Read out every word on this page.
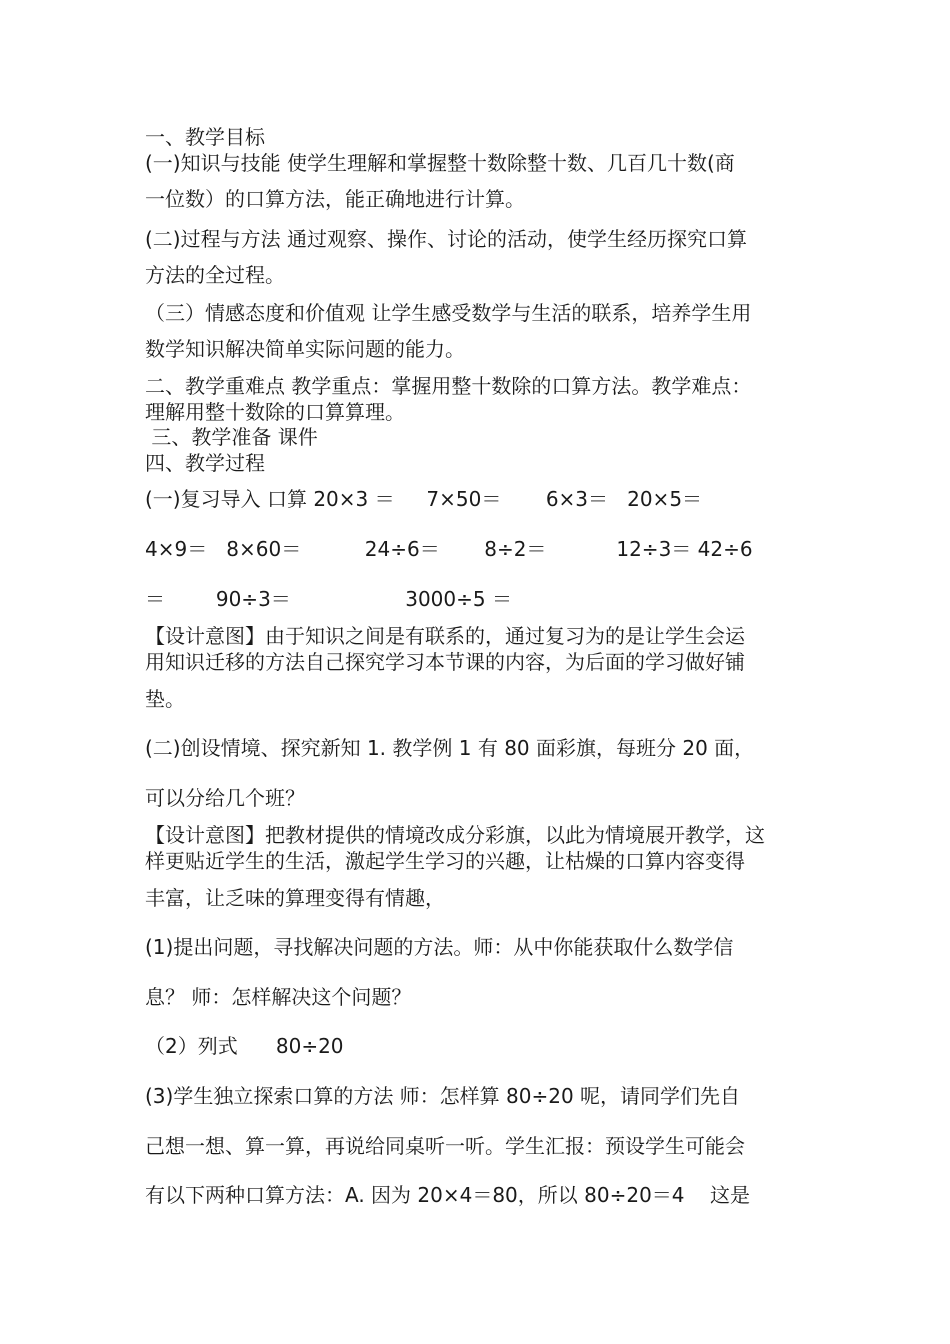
一、教学目标
(一)知识与技能 使学生理解和掌握整十数除整十数、几百几十数(商
一位数）的口算方法，能正确地进行计算。
(二)过程与方法 通过观察、操作、讨论的活动，使学生经历探究口算
方法的全过程。
（三）情感态度和价值观 让学生感受数学与生活的联系，培养学生用
数学知识解决简单实际问题的能力。
二、教学重难点 教学重点：掌握用整十数除的口算方法。教学难点：
理解用整十数除的口算算理。
三、教学准备 课件
四、教学过程
(一)复习导入 口算 20×3 ＝     7×50＝       6×3＝   20×5＝
4×9＝   8×60＝          24÷6＝       8÷2＝           12÷3＝ 42÷6
＝        90÷3＝                  3000÷5 ＝
【设计意图】由于知识之间是有联系的，通过复习为的是让学生会运
用知识迁移的方法自己探究学习本节课的内容，为后面的学习做好铺
垫。
(二)创设情境、探究新知 1. 教学例 1 有 80 面彩旗，每班分 20 面，
可以分给几个班？
【设计意图】把教材提供的情境改成分彩旗，以此为情境展开教学，这
样更贴近学生的生活，激起学生学习的兴趣，让枯燥的口算内容变得
丰富，让乏味的算理变得有情趣，
(1)提出问题，寻找解决问题的方法。师：从中你能获取什么数学信
息？ 师：怎样解决这个问题？
（2）列式      80÷20
(3)学生独立探索口算的方法 师：怎样算 80÷20 呢，请同学们先自
己想一想、算一算，再说给同桌听一听。学生汇报：预设学生可能会
有以下两种口算方法：A. 因为 20×4＝80，所以 80÷20＝4    这是
